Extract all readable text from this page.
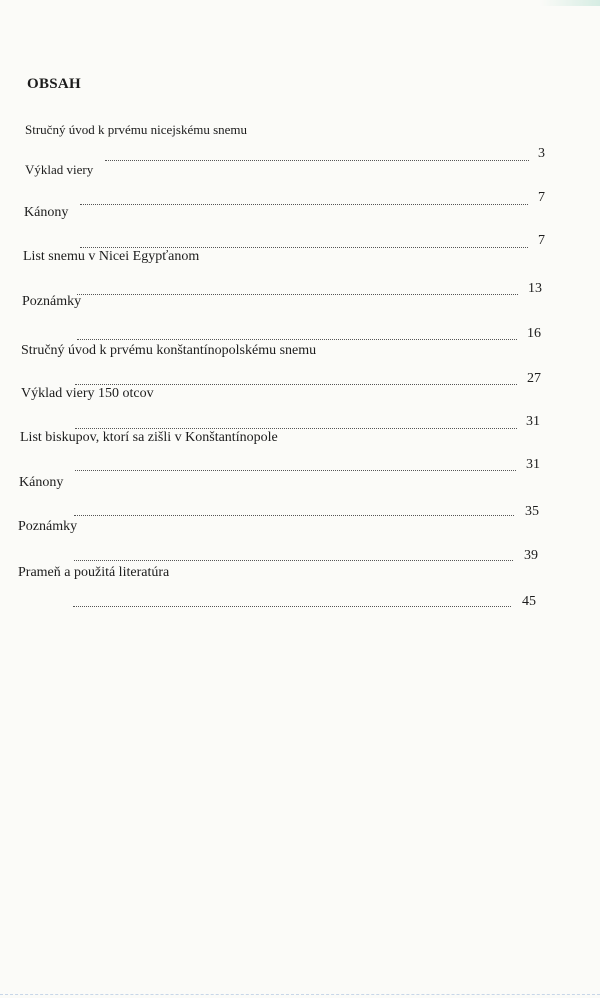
OBSAH
Stručný úvod k prvému nicejskému snemu
3
Výklad viery
7
Kánony
7
List snemu v Nicei Egypťanom
13
Poznámky
16
Stručný úvod k prvému konštantínopolskému snemu
27
Výklad viery 150 otcov
31
List biskupov, ktorí sa zišli v Konštantínopole
31
Kánony
35
Poznámky
39
Prameň a použitá literatúra
45
